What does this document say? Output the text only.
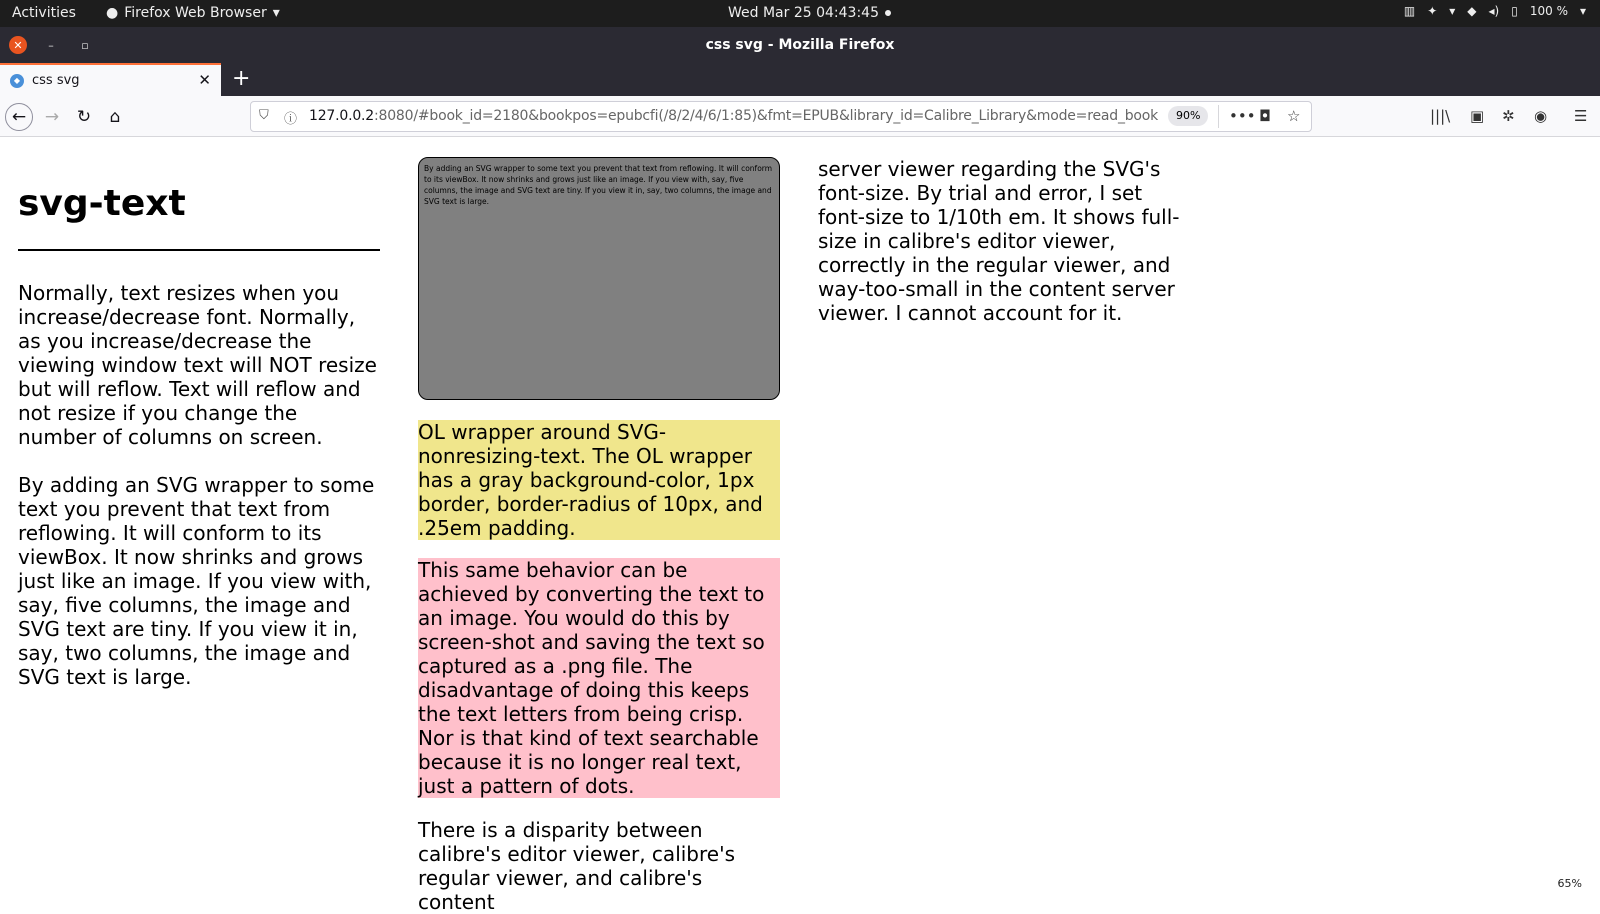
Activities ● Firefox Web Browser ▾	Wed Mar 25 04:43:45	▥ ✦ ▾ ◆ ◂) ▯ 100 % ▾
✕	–	▫	css svg - Mozilla Firefox
◆ css svg	✕ +
←	→	↻	⌂	⛉ ⓘ 127.0.0.2:8080/#book_id=2180&bookpos=epubcfi(/8/2/4/6/1:85)&fmt=EPUB&library_id=Calibre_Library&mode=read_book	90%	••• ◘ ☆	|||\ ▣ ✲ ◉ ☰
svg-text

Normally, text resizes when you increase/decrease font. Normally, as you increase/decrease the viewing window text will NOT resize but will reflow. Text will reflow and not resize if you change the number of columns on screen.

By adding an SVG wrapper to some text you prevent that text from reflowing. It will conform to its viewBox. It now shrinks and grows just like an image. If you view with, say, five columns, the image and SVG text are tiny. If you view it in, say, two columns, the image and SVG text is large.

By adding an SVG wrapper to some text you prevent that text from reflowing. It will conform to its viewBox. It now shrinks and grows just like an image. If you view with, say, five columns, the image and SVG text are tiny. If you view it in, say, two columns, the image and SVG text is large.
OL wrapper around SVG-nonresizing-text. The OL wrapper has a gray background-color, 1px border, border-radius of 10px, and .25em padding.
This same behavior can be achieved by converting the text to an image. You would do this by screen-shot and saving the text so captured as a .png file. The disadvantage of doing this keeps the text letters from being crisp. Nor is that kind of text searchable because it is no longer real text, just a pattern of dots.
There is a disparity between calibre's editor viewer, calibre's regular viewer, and calibre's content
server viewer regarding the SVG's font-size. By trial and error, I set font-size to 1/10th em. It shows full-size in calibre's editor viewer, correctly in the regular viewer, and way-too-small in the content server viewer. I cannot account for it.
65%
